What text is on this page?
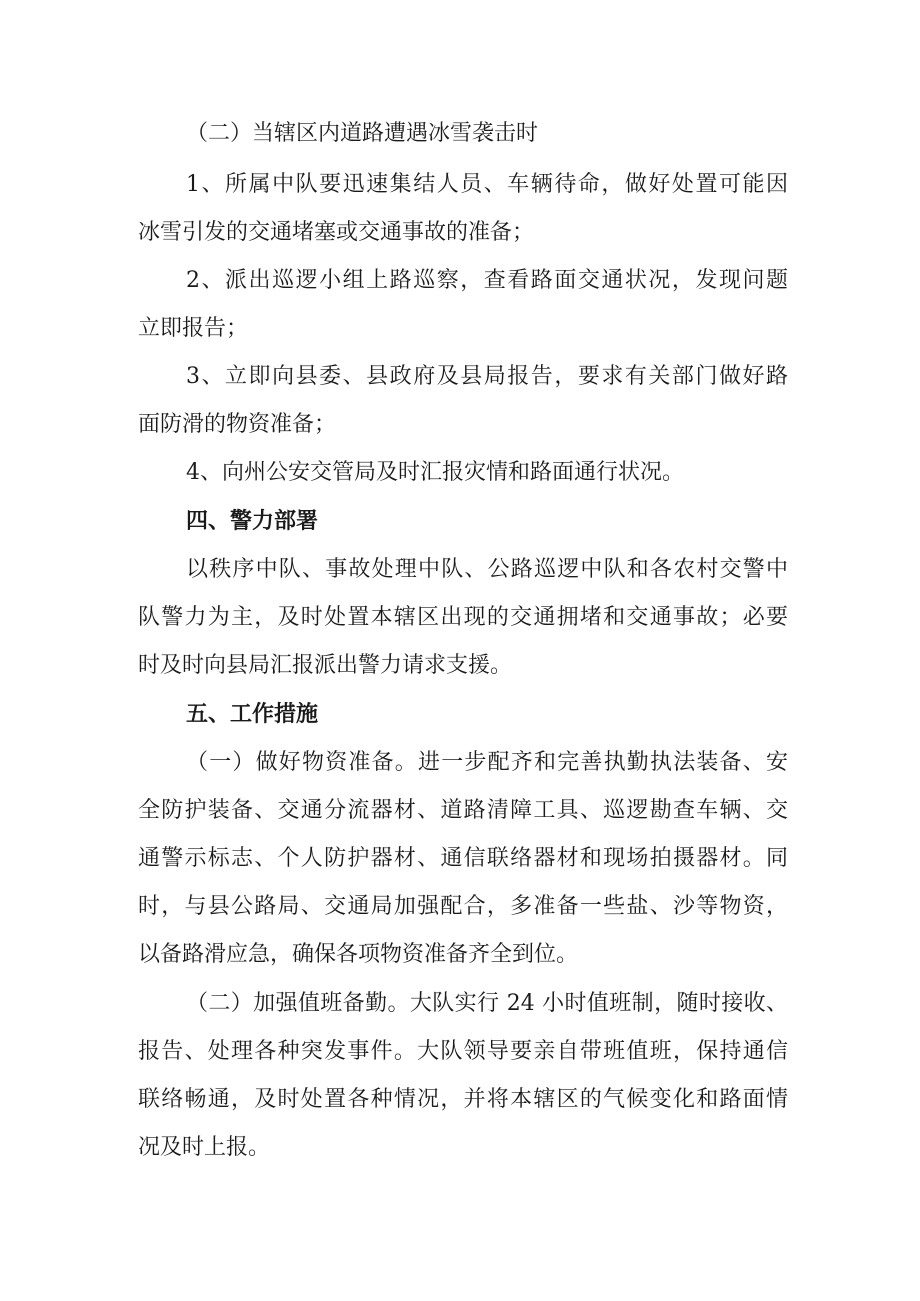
（二）当辖区内道路遭遇冰雪袭击时
1、所属中队要迅速集结人员、车辆待命，做好处置可能因
冰雪引发的交通堵塞或交通事故的准备；
2、派出巡逻小组上路巡察，查看路面交通状况，发现问题
立即报告；
3、立即向县委、县政府及县局报告，要求有关部门做好路
面防滑的物资准备；
4、向州公安交管局及时汇报灾情和路面通行状况。
四、警力部署
以秩序中队、事故处理中队、公路巡逻中队和各农村交警中
队警力为主，及时处置本辖区出现的交通拥堵和交通事故；必要
时及时向县局汇报派出警力请求支援。
五、工作措施
（一）做好物资准备。进一步配齐和完善执勤执法装备、安
全防护装备、交通分流器材、道路清障工具、巡逻勘查车辆、交
通警示标志、个人防护器材、通信联络器材和现场拍摄器材。同
时，与县公路局、交通局加强配合，多准备一些盐、沙等物资，
以备路滑应急，确保各项物资准备齐全到位。
（二）加强值班备勤。大队实行 24 小时值班制，随时接收、
报告、处理各种突发事件。大队领导要亲自带班值班，保持通信
联络畅通，及时处置各种情况，并将本辖区的气候变化和路面情
况及时上报。
